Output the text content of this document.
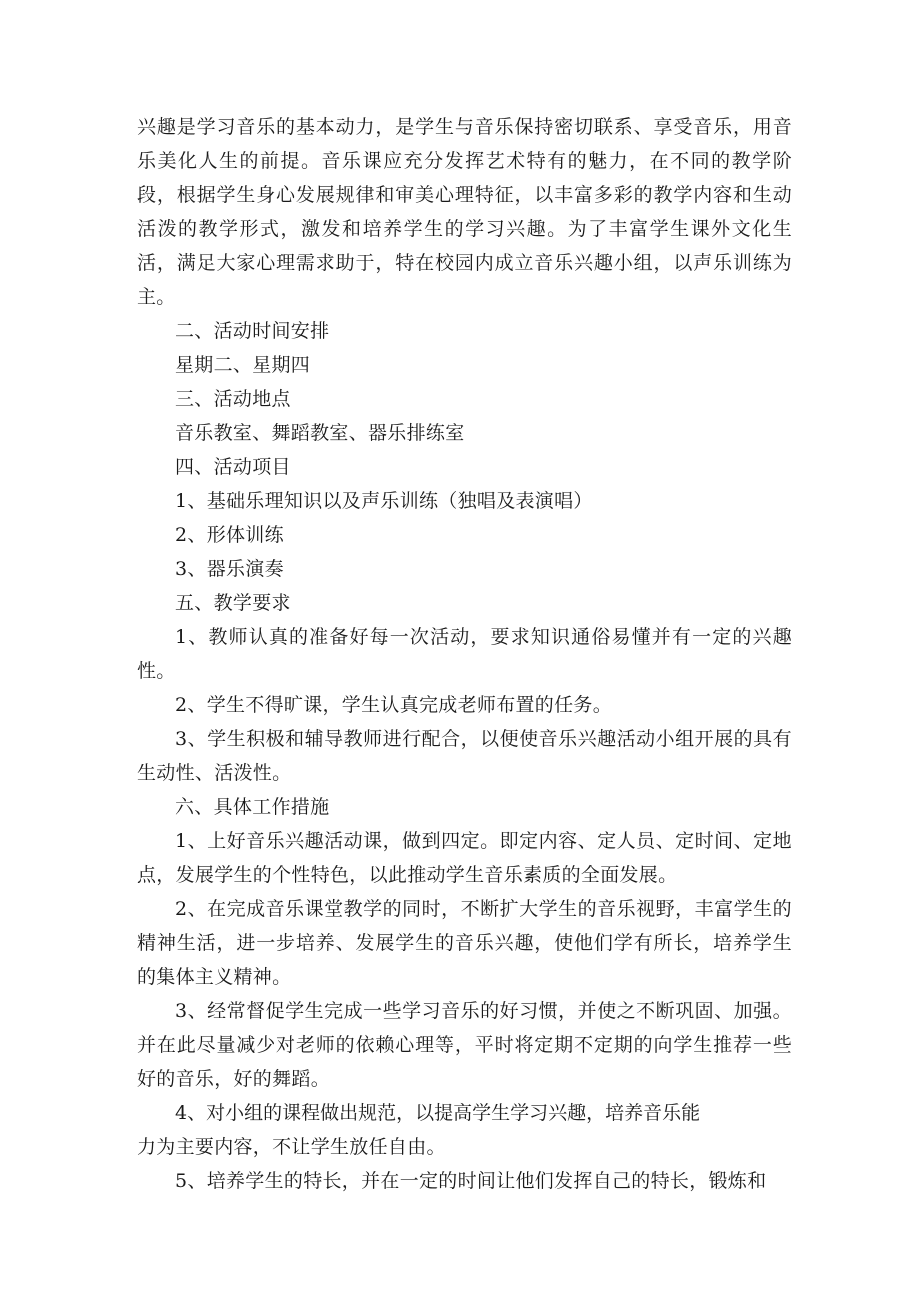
兴趣是学习音乐的基本动力，是学生与音乐保持密切联系、享受音乐，用音乐美化人生的前提。音乐课应充分发挥艺术特有的魅力，在不同的教学阶段，根据学生身心发展规律和审美心理特征，以丰富多彩的教学内容和生动活泼的教学形式，激发和培养学生的学习兴趣。为了丰富学生课外文化生活，满足大家心理需求助于，特在校园内成立音乐兴趣小组，以声乐训练为主。

二、活动时间安排

星期二、星期四

三、活动地点

音乐教室、舞蹈教室、器乐排练室

四、活动项目

1、基础乐理知识以及声乐训练（独唱及表演唱）

2、形体训练

3、器乐演奏

五、教学要求

1、教师认真的准备好每一次活动，要求知识通俗易懂并有一定的兴趣性。

2、学生不得旷课，学生认真完成老师布置的任务。

3、学生积极和辅导教师进行配合，以便使音乐兴趣活动小组开展的具有生动性、活泼性。

六、具体工作措施

1、上好音乐兴趣活动课，做到四定。即定内容、定人员、定时间、定地点，发展学生的个性特色，以此推动学生音乐素质的全面发展。

2、在完成音乐课堂教学的同时，不断扩大学生的音乐视野，丰富学生的精神生活，进一步培养、发展学生的音乐兴趣，使他们学有所长，培养学生的集体主义精神。

3、经常督促学生完成一些学习音乐的好习惯，并使之不断巩固、加强。并在此尽量减少对老师的依赖心理等，平时将定期不定期的向学生推荐一些好的音乐，好的舞蹈。

4、对小组的课程做出规范，以提高学生学习兴趣，培养音乐能

力为主要内容，不让学生放任自由。

5、培养学生的特长，并在一定的时间让他们发挥自己的特长，锻炼和
